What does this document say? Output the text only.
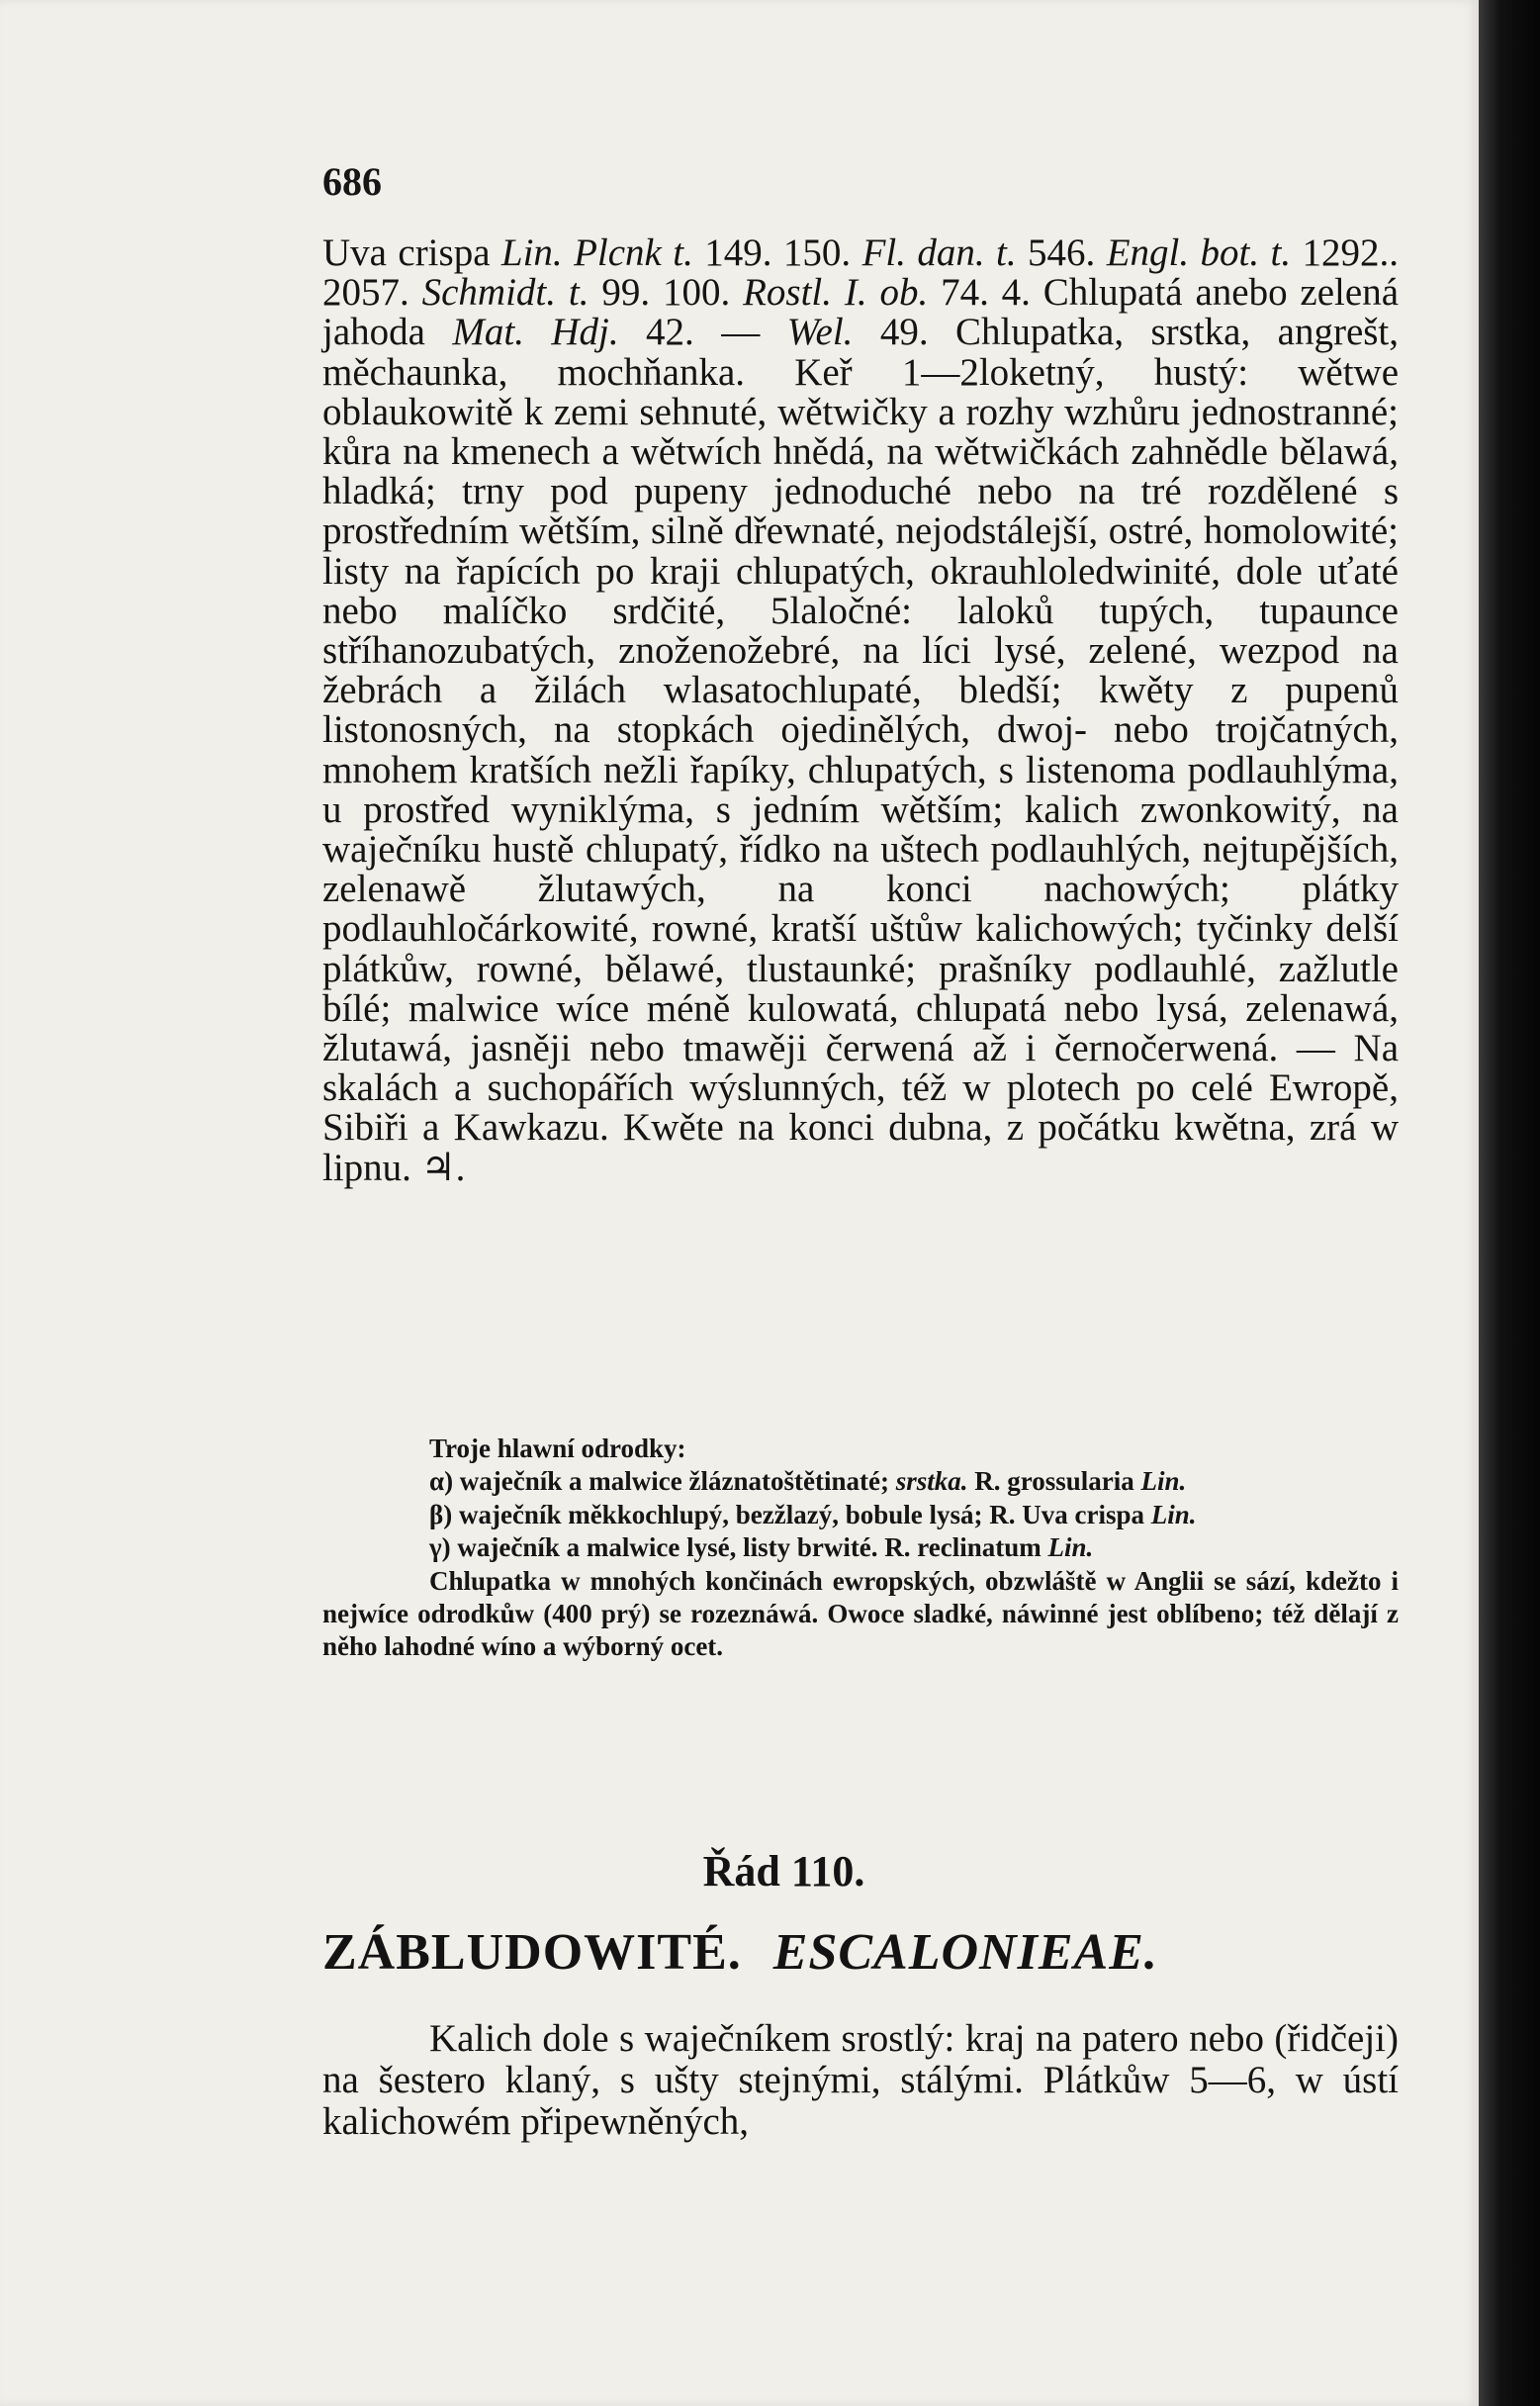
686

Uva crispa Lin. Plcnk t. 149. 150. Fl. dan. t. 546. Engl. bot. t. 1292.. 2057. Schmidt. t. 99. 100. Rostl. I. ob. 74. 4. Chlupatá anebo zelená jahoda Mat. Hdj. 42. — Wel. 49. Chlupatka, srstka, angrešt, měchaunka, mochňanka. Keř 1—2loketný, hustý: wětwe oblaukowitě k zemi sehnuté, wětwičky a rozhy wzhůru jednostranné; kůra na kmenech a wětwích hnědá, na wětwičkách zahnědle bělawá, hladká; trny pod pupeny jednoduché nebo na tré rozdělené s prostředním wětším, silně dřewnaté, nejodstálejší, ostré, homolowité; listy na řapících po kraji chlupatých, okrauhloledwinité, dole uťaté nebo malíčko srdčité, 5laločné: laloků tupých, tupaunce stříhanozubatých, znoženožebré, na líci lysé, zelené, wezpod na žebrách a žilách wlasatochlupaté, bledší; kwěty z pupenů listonosných, na stopkách ojedinělých, dwoj- nebo trojčatných, mnohem kratších nežli řapíky, chlupatých, s listenoma podlauhlýma, u prostřed wyniklýma, s jedním wětším; kalich zwonkowitý, na waječníku hustě chlupatý, řídko na uštech podlauhlých, nejtupějších, zelenawě žlutawých, na konci nachowých; plátky podlauhločárkowité, rowné, kratší uštůw kalichowých; tyčinky delší plátkůw, rowné, bělawé, tlustaunké; prašníky podlauhlé, zažlutle bílé; malwice wíce méně kulowatá, chlupatá nebo lysá, zelenawá, žlutawá, jasněji nebo tmawěji čerwená až i černočerwená. — Na skalách a suchopářích wýslunných, též w plotech po celé Ewropě, Sibiři a Kawkazu. Kwěte na konci dubna, z počátku kwětna, zrá w lipnu. ♃.

Troje hlawní odrodky:

α) waječník a malwice žláznatoštětinaté; srstka. R. grossularia Lin.

β) waječník měkkochlupý, bezžlazý, bobule lysá; R. Uva crispa Lin.

γ) waječník a malwice lysé, listy brwité. R. reclinatum Lin.

Chlupatka w mnohých končinách ewropských, obzwláště w Anglii se sází, kdežto i nejwíce odrodkůw (400 prý) se rozeznáwá. Owoce sladké, náwinné jest oblíbeno; též dělají z něho lahodné wíno a wýborný ocet.

Řád 110.

ZÁBLUDOWITÉ. ESCALONIEAE.

Kalich dole s waječníkem srostlý: kraj na patero nebo (řidčeji) na šestero klaný, s ušty stejnými, stálými. Plátkůw 5—6, w ústí kalichowém připewněných,
